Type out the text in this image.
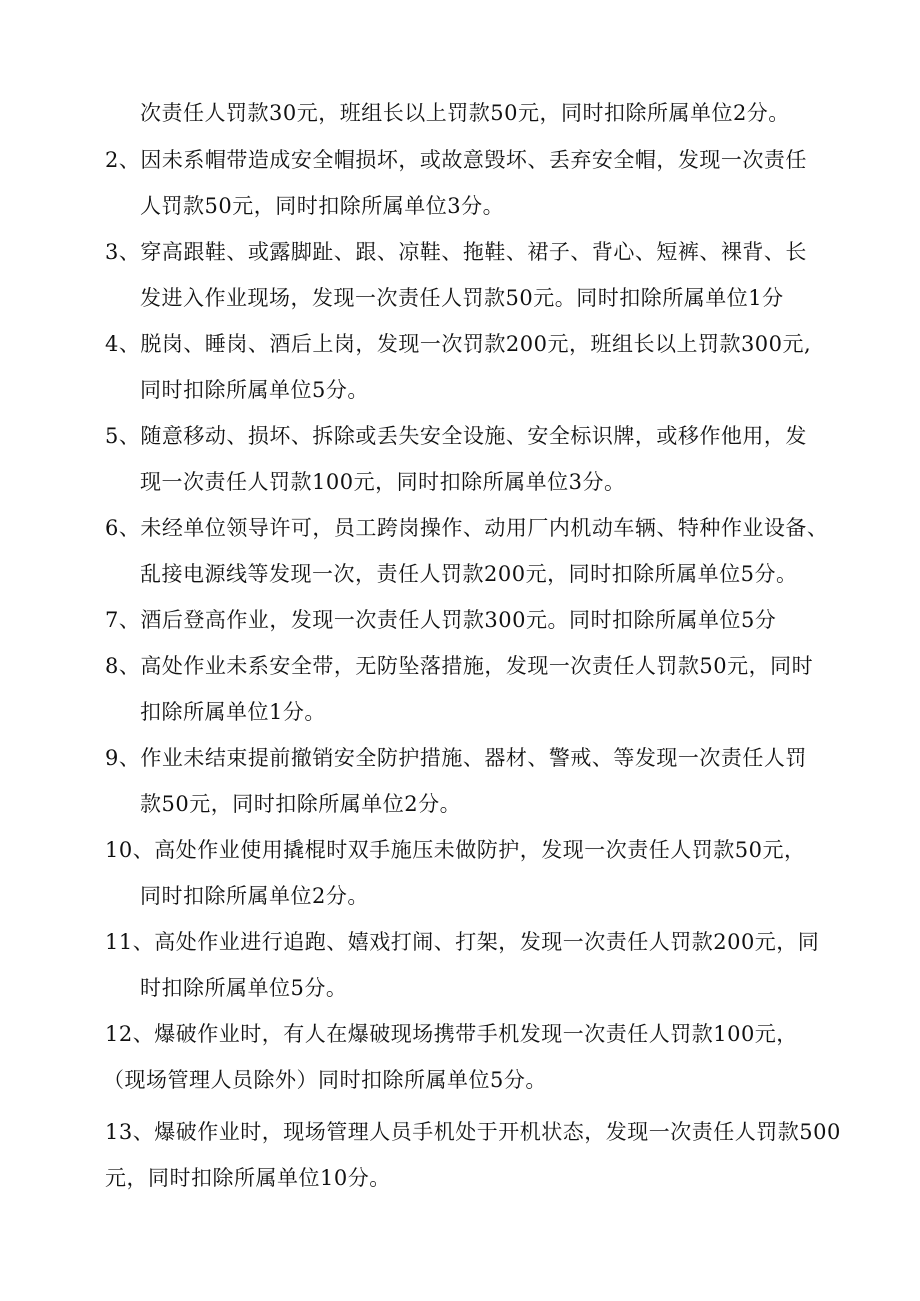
次责任人罚款30元，班组长以上罚款50元，同时扣除所属单位2分。
2、因未系帽带造成安全帽损坏，或故意毁坏、丢弃安全帽，发现一次责任
人罚款50元，同时扣除所属单位3分。
3、穿高跟鞋、或露脚趾、跟、凉鞋、拖鞋、裙子、背心、短裤、裸背、长
发进入作业现场，发现一次责任人罚款50元。同时扣除所属单位1分
4、脱岗、睡岗、酒后上岗，发现一次罚款200元，班组长以上罚款300元,
同时扣除所属单位5分。
5、随意移动、损坏、拆除或丢失安全设施、安全标识牌，或移作他用，发
现一次责任人罚款100元，同时扣除所属单位3分。
6、未经单位领导许可，员工跨岗操作、动用厂内机动车辆、特种作业设备、
乱接电源线等发现一次，责任人罚款200元，同时扣除所属单位5分。
7、酒后登高作业，发现一次责任人罚款300元。同时扣除所属单位5分
8、高处作业未系安全带，无防坠落措施，发现一次责任人罚款50元，同时
扣除所属单位1分。
9、作业未结束提前撤销安全防护措施、器材、警戒、等发现一次责任人罚
款50元，同时扣除所属单位2分。
10、高处作业使用撬棍时双手施压未做防护，发现一次责任人罚款50元，
同时扣除所属单位2分。
11、高处作业进行追跑、嬉戏打闹、打架，发现一次责任人罚款200元，同
时扣除所属单位5分。
12、爆破作业时，有人在爆破现场携带手机发现一次责任人罚款100元，
（现场管理人员除外）同时扣除所属单位5分。
13、爆破作业时，现场管理人员手机处于开机状态，发现一次责任人罚款500
元，同时扣除所属单位10分。
